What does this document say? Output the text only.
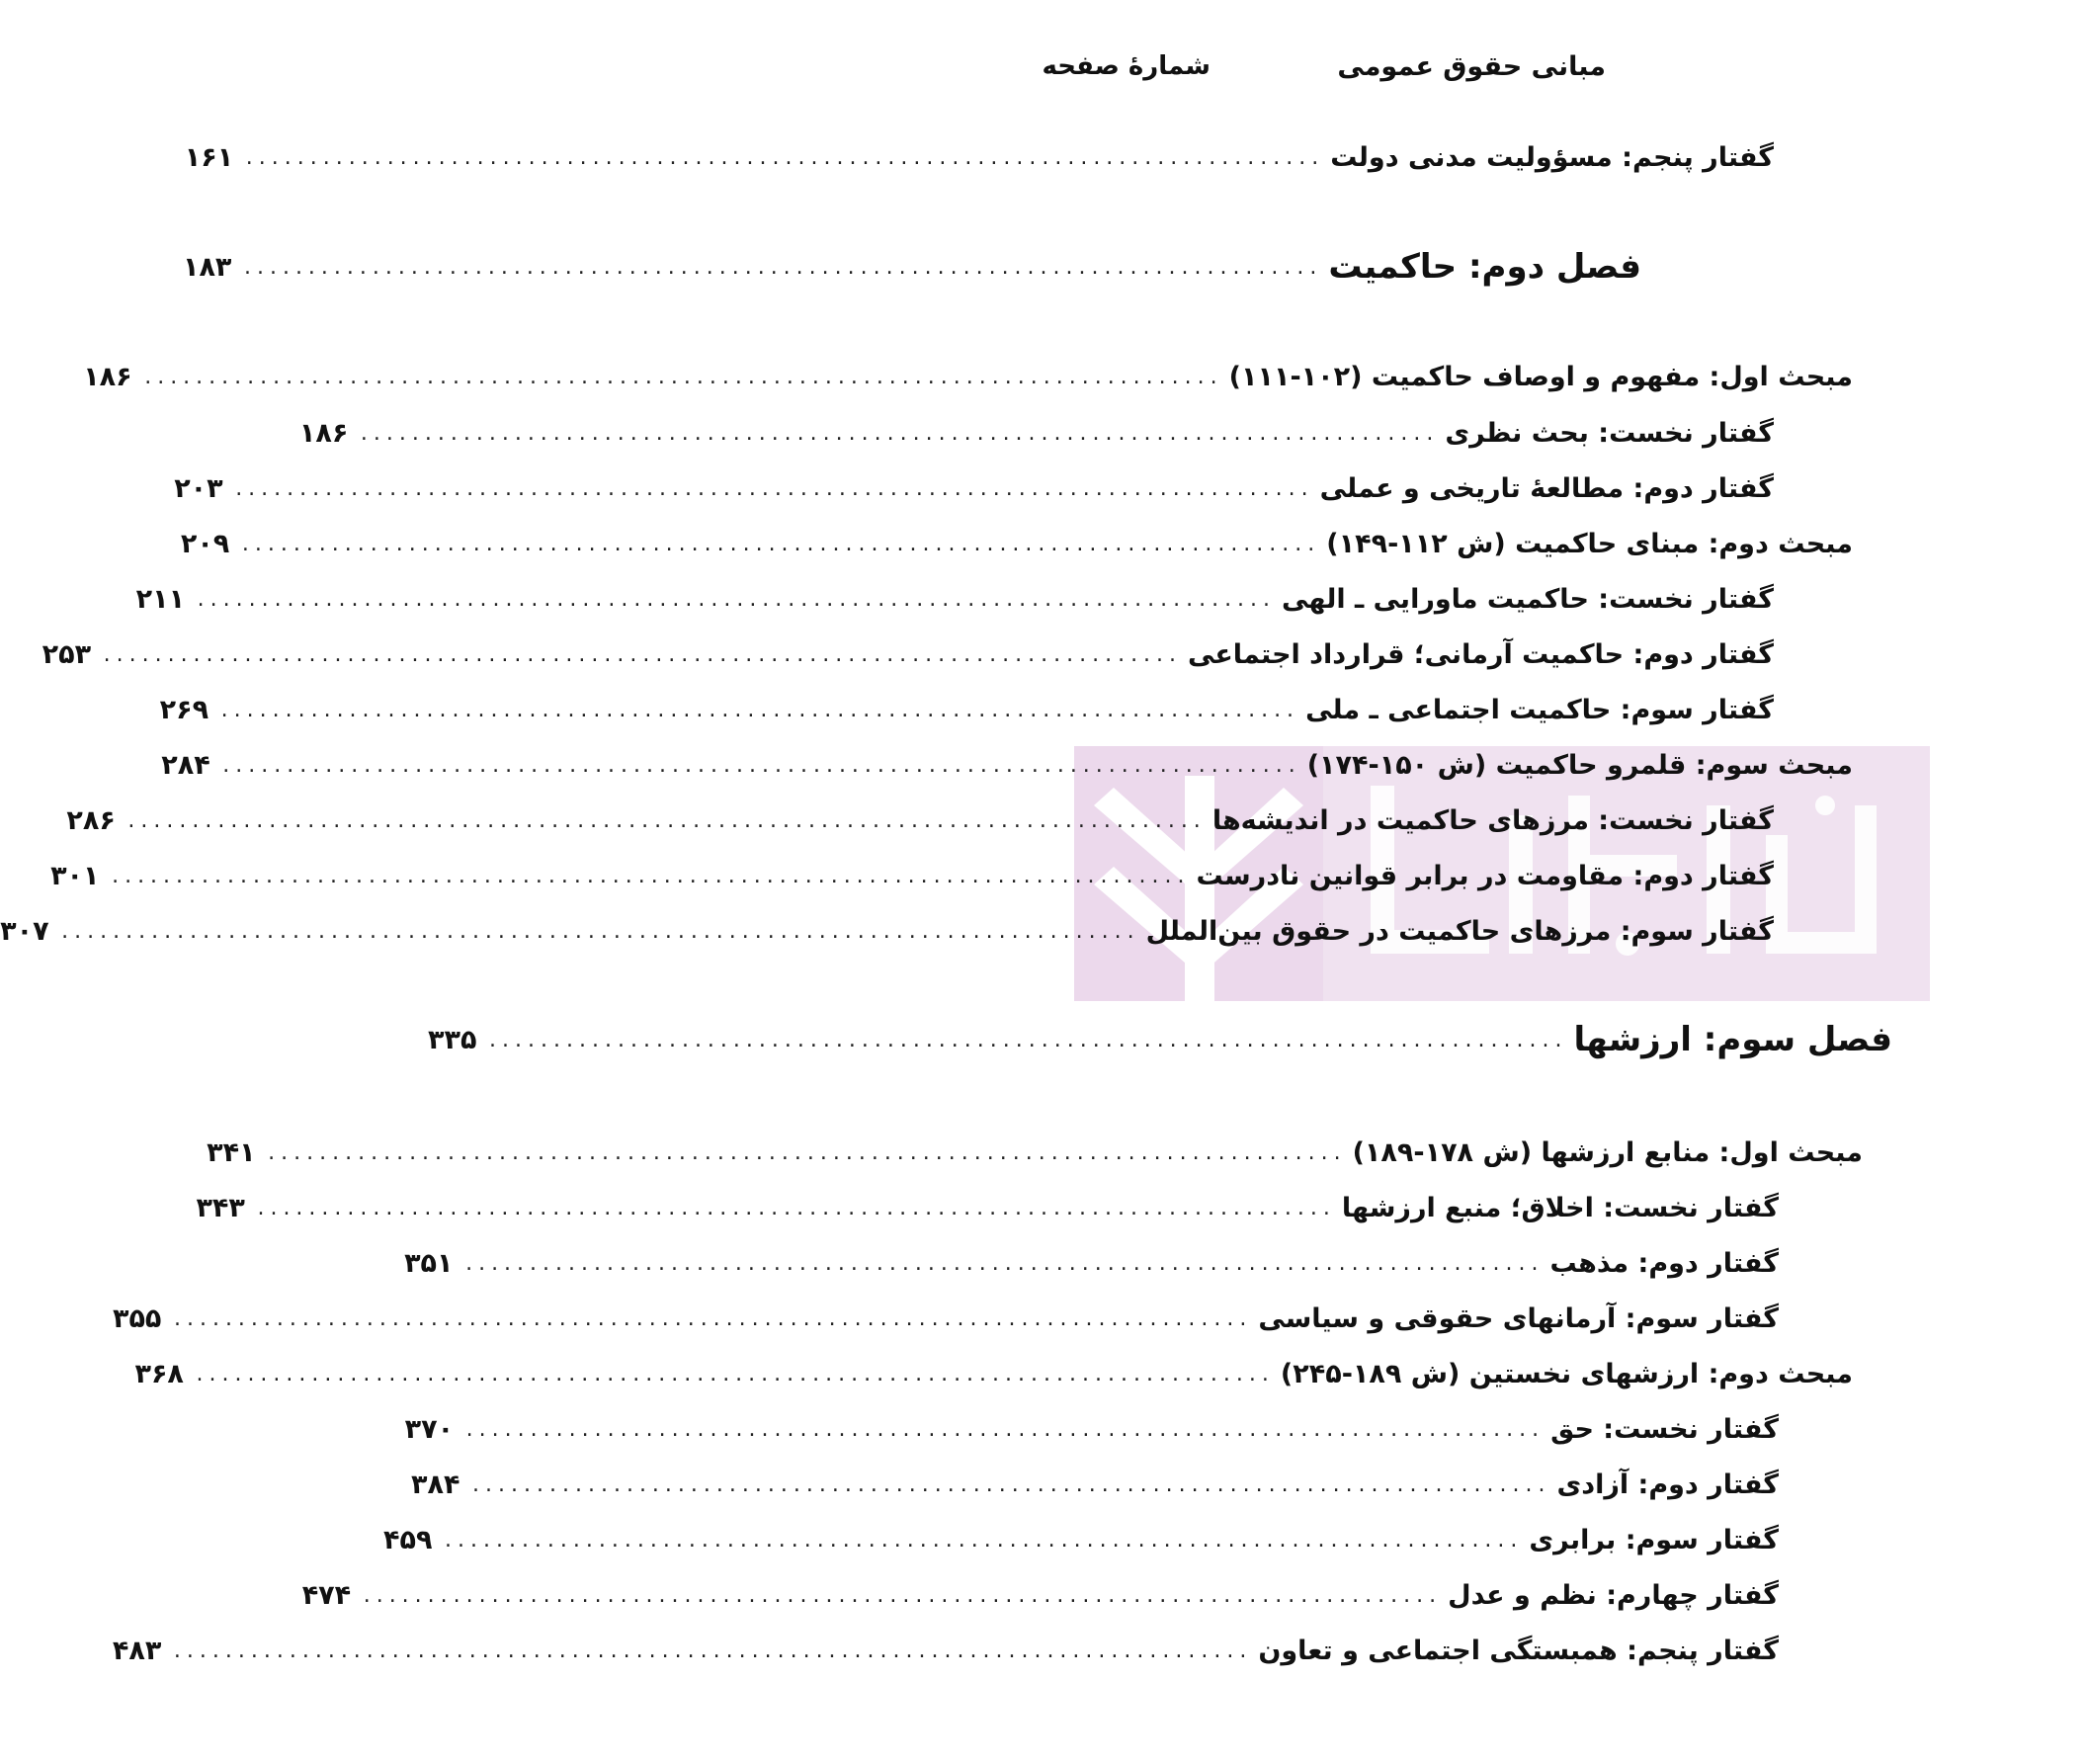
مبانی حقوق عمومی
شمارهٔ صفحه
گفتار پنجم: مسؤولیت مدنی دولت
....................................................................................
۱۶۱
فصل دوم: حاکمیت
....................................................................................
۱۸۳
مبحث اول: مفهوم و اوصاف حاکمیت (۱۰۲-۱۱۱)
....................................................................................
۱۸۶
گفتار نخست: بحث نظری
....................................................................................
۱۸۶
گفتار دوم: مطالعهٔ تاریخی و عملی
....................................................................................
۲۰۳
مبحث دوم: مبنای حاکمیت (ش ۱۱۲-۱۴۹)
....................................................................................
۲۰۹
گفتار نخست: حاکمیت ماورایی ـ الهی
....................................................................................
۲۱۱
گفتار دوم: حاکمیت آرمانی؛ قرارداد اجتماعی
....................................................................................
۲۵۳
گفتار سوم: حاکمیت اجتماعی ـ ملی
....................................................................................
۲۶۹
مبحث سوم: قلمرو حاکمیت (ش ۱۵۰-۱۷۴)
....................................................................................
۲۸۴
گفتار نخست: مرزهای حاکمیت در اندیشه‌ها
....................................................................................
۲۸۶
گفتار دوم: مقاومت در برابر قوانین نادرست
....................................................................................
۳۰۱
گفتار سوم: مرزهای حاکمیت در حقوق بین‌الملل
....................................................................................
۳۰۷
فصل سوم: ارزشها
....................................................................................
۳۳۵
مبحث اول: منابع ارزشها (ش ۱۷۸-۱۸۹)
....................................................................................
۳۴۱
گفتار نخست: اخلاق؛ منبع ارزشها
....................................................................................
۳۴۳
گفتار دوم: مذهب
....................................................................................
۳۵۱
گفتار سوم: آرمانهای حقوقی و سیاسی
....................................................................................
۳۵۵
مبحث دوم: ارزشهای نخستین (ش ۱۸۹-۲۴۵)
....................................................................................
۳۶۸
گفتار نخست: حق
....................................................................................
۳۷۰
گفتار دوم: آزادی
....................................................................................
۳۸۴
گفتار سوم: برابری
....................................................................................
۴۵۹
گفتار چهارم: نظم و عدل
....................................................................................
۴۷۴
گفتار پنجم: همبستگی اجتماعی و تعاون
....................................................................................
۴۸۳
